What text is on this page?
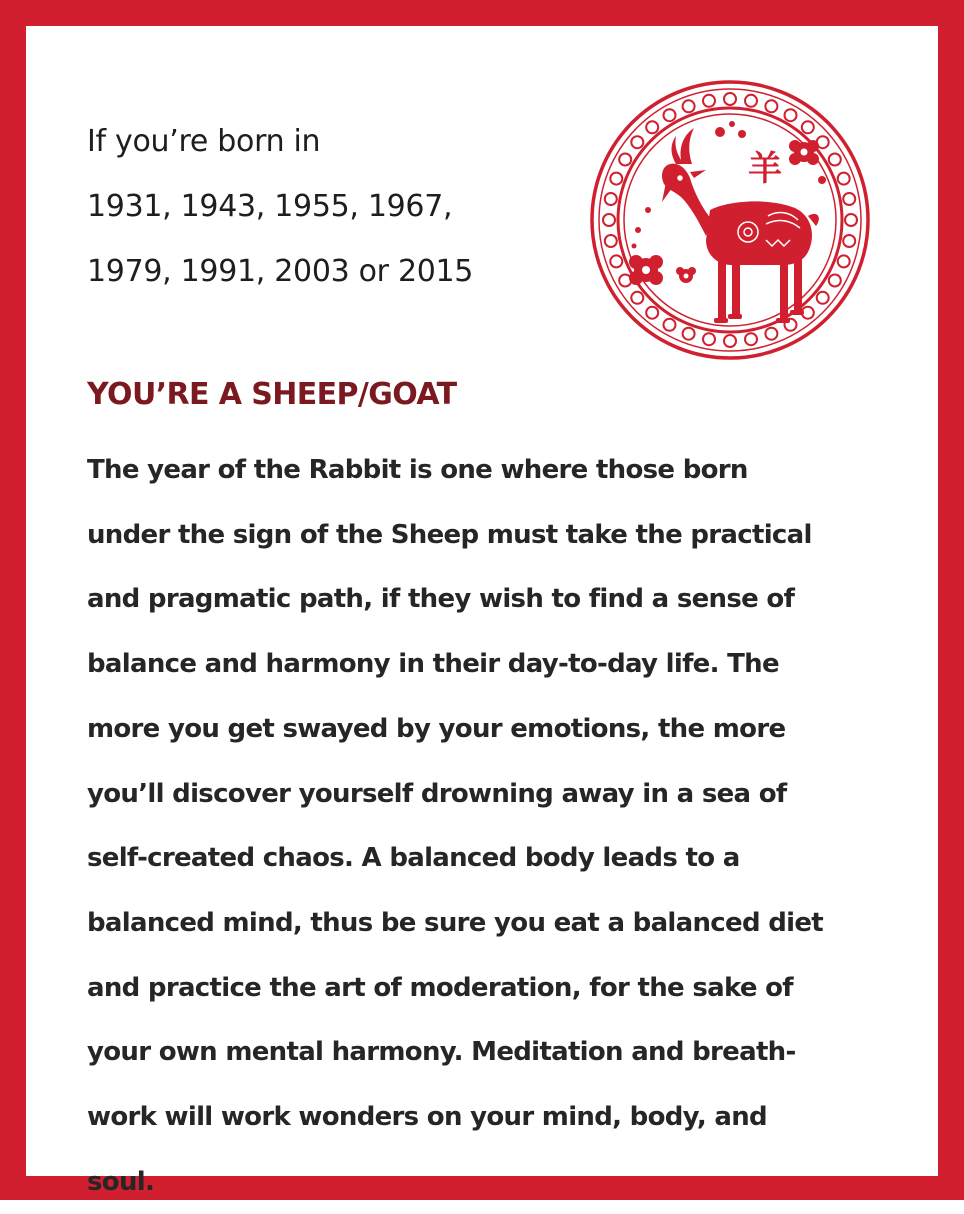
If you’re born in
1931, 1943, 1955, 1967,
1979, 1991, 2003 or 2015
羊
YOU’RE A SHEEP/GOAT
The year of the Rabbit is one where those born
under the sign of the Sheep must take the practical
and pragmatic path, if they wish to find a sense of
balance and harmony in their day-to-day life. The
more you get swayed by your emotions, the more
you’ll discover yourself drowning away in a sea of
self-created chaos. A balanced body leads to a
balanced mind, thus be sure you eat a balanced diet
and practice the art of moderation, for the sake of
your own mental harmony. Meditation and breath-
work will work wonders on your mind, body, and
soul.
